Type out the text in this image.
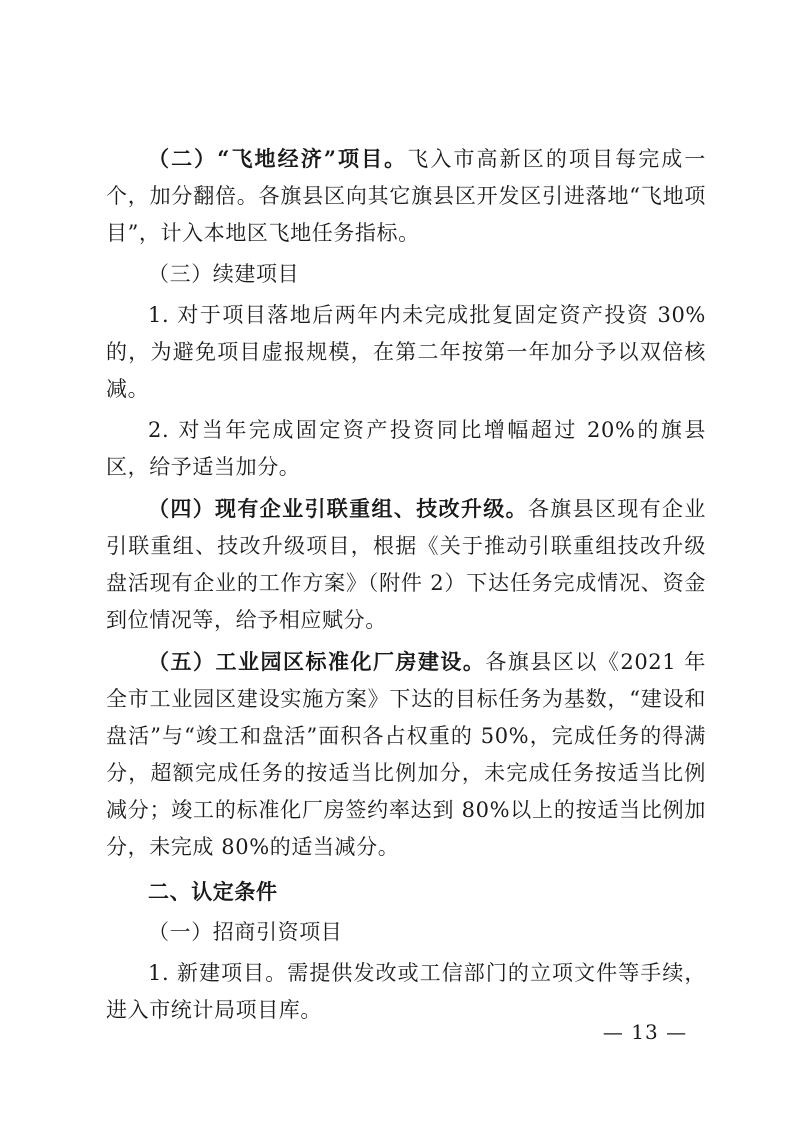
（二）“飞地经济”项目。飞入市高新区的项目每完成一个，加分翻倍。各旗县区向其它旗县区开发区引进落地“飞地项目”，计入本地区飞地任务指标。

（三）续建项目

1. 对于项目落地后两年内未完成批复固定资产投资 30% 的，为避免项目虚报规模，在第二年按第一年加分予以双倍核减。

2. 对当年完成固定资产投资同比增幅超过 20%的旗县区，给予适当加分。

（四）现有企业引联重组、技改升级。各旗县区现有企业引联重组、技改升级项目，根据《关于推动引联重组技改升级盘活现有企业的工作方案》（附件 2）下达任务完成情况、资金到位情况等，给予相应赋分。

（五）工业园区标准化厂房建设。各旗县区以《2021 年全市工业园区建设实施方案》下达的目标任务为基数，“建设和盘活”与“竣工和盘活”面积各占权重的 50%，完成任务的得满分，超额完成任务的按适当比例加分，未完成任务按适当比例减分；竣工的标准化厂房签约率达到 80%以上的按适当比例加分，未完成 80%的适当减分。

二、认定条件

（一）招商引资项目

1. 新建项目。需提供发改或工信部门的立项文件等手续，进入市统计局项目库。

— 13 —
